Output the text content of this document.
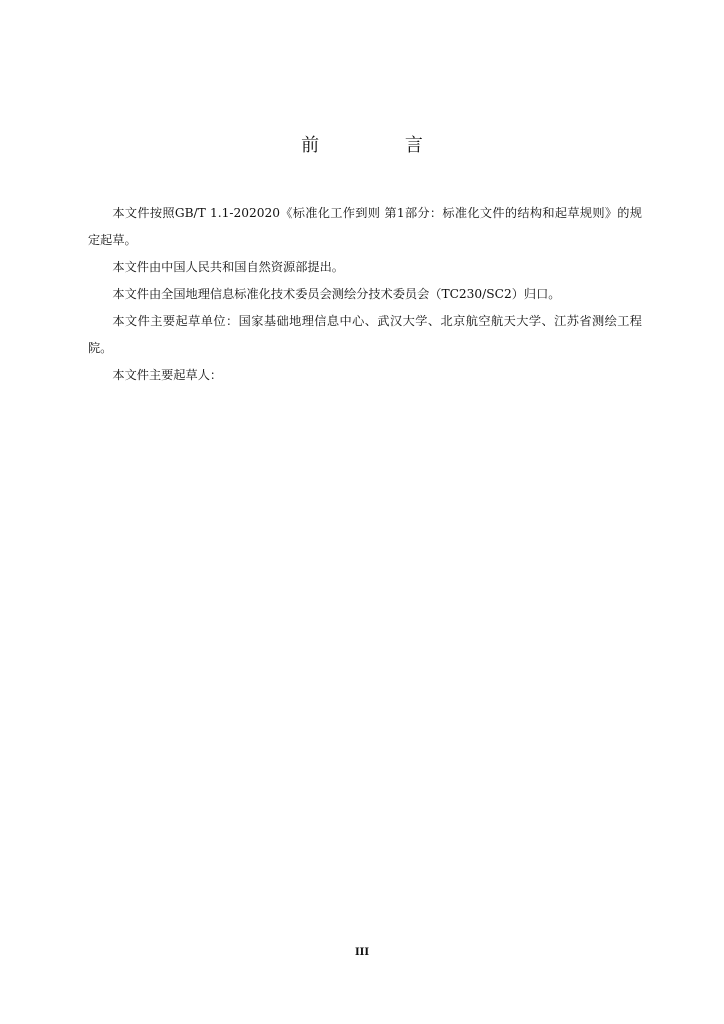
前 言

本文件按照GB/T 1.1-202020《标准化工作到则 第1部分：标准化文件的结构和起草规则》的规定起草。

本文件由中国人民共和国自然资源部提出。

本文件由全国地理信息标准化技术委员会测绘分技术委员会（TC230/SC2）归口。

本文件主要起草单位：国家基础地理信息中心、武汉大学、北京航空航天大学、江苏省测绘工程院。

本文件主要起草人：

III
